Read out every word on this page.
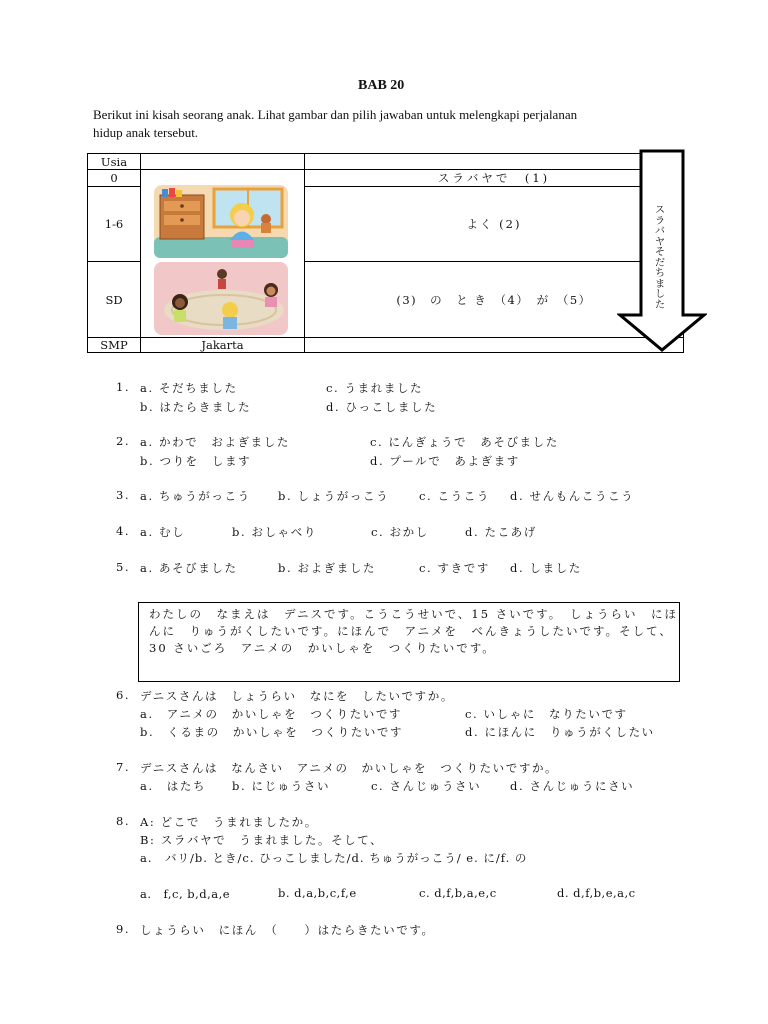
BAB 20
Berikut ini kisah seorang anak. Lihat gambar dan pilih jawaban untuk melengkapi perjalanan
hidup anak tersebut.
Usia		
0		スラバヤで　(1)
1-6		よく (2)
SD		(3)　の　と き　（4）　が　（5）
SMP	Jakarta	
ス
ラ
バ
ヤ
そ
だ
ち
ま
し
た
1. a. そだちました	c. うまれました
b. はたらきました	d. ひっこしました
2. a. かわで　およぎました	c. にんぎょうで　あそびました
b. つりを　します	d. プールで　あよぎます
3. a. ちゅうがっこう b. しょうがっこう	c. こうこう d. せんもんこうこう
4. a. むし	b. おしゃべり	c. おかし	d. たこあげ
5. a. あそびました	b. およぎました	c. すきです d. しました

わたしの　なまえは　デニスです。こうこうせいで、15 さいです。　しょうらい　にほんに　りゅうがくしたいです。にほんで　アニメを　べんきょうしたいです。そして、30 さいごろ　アニメの　かいしゃを　つくりたいです。

6. デニスさんは　しょうらい　なにを　したいですか。
a.　アニメの　かいしゃを　つくりたいです	c. いしゃに　なりたいです
b.　くるまの　かいしゃを　つくりたいです	d. にほんに　りゅうがくしたい
7. デニスさんは　なんさい　アニメの　かいしゃを　つくりたいですか。
a.　はたち b. にじゅうさい	c. さんじゅうさい d. さんじゅうにさい
8. A: どこで　うまれましたか。
B: スラバヤで　うまれました。そして、
a.　バリ/b. とき/c. ひっこしました/d. ちゅうがっこう/ e. に/f. の
a.　f,c, b,d,a,e	b. d,a,b,c,f,e	c. d,f,b,a,e,c	d. d,f,b,e,a,c
9. しょうらい　にほん　（　　）はたらきたいです。
